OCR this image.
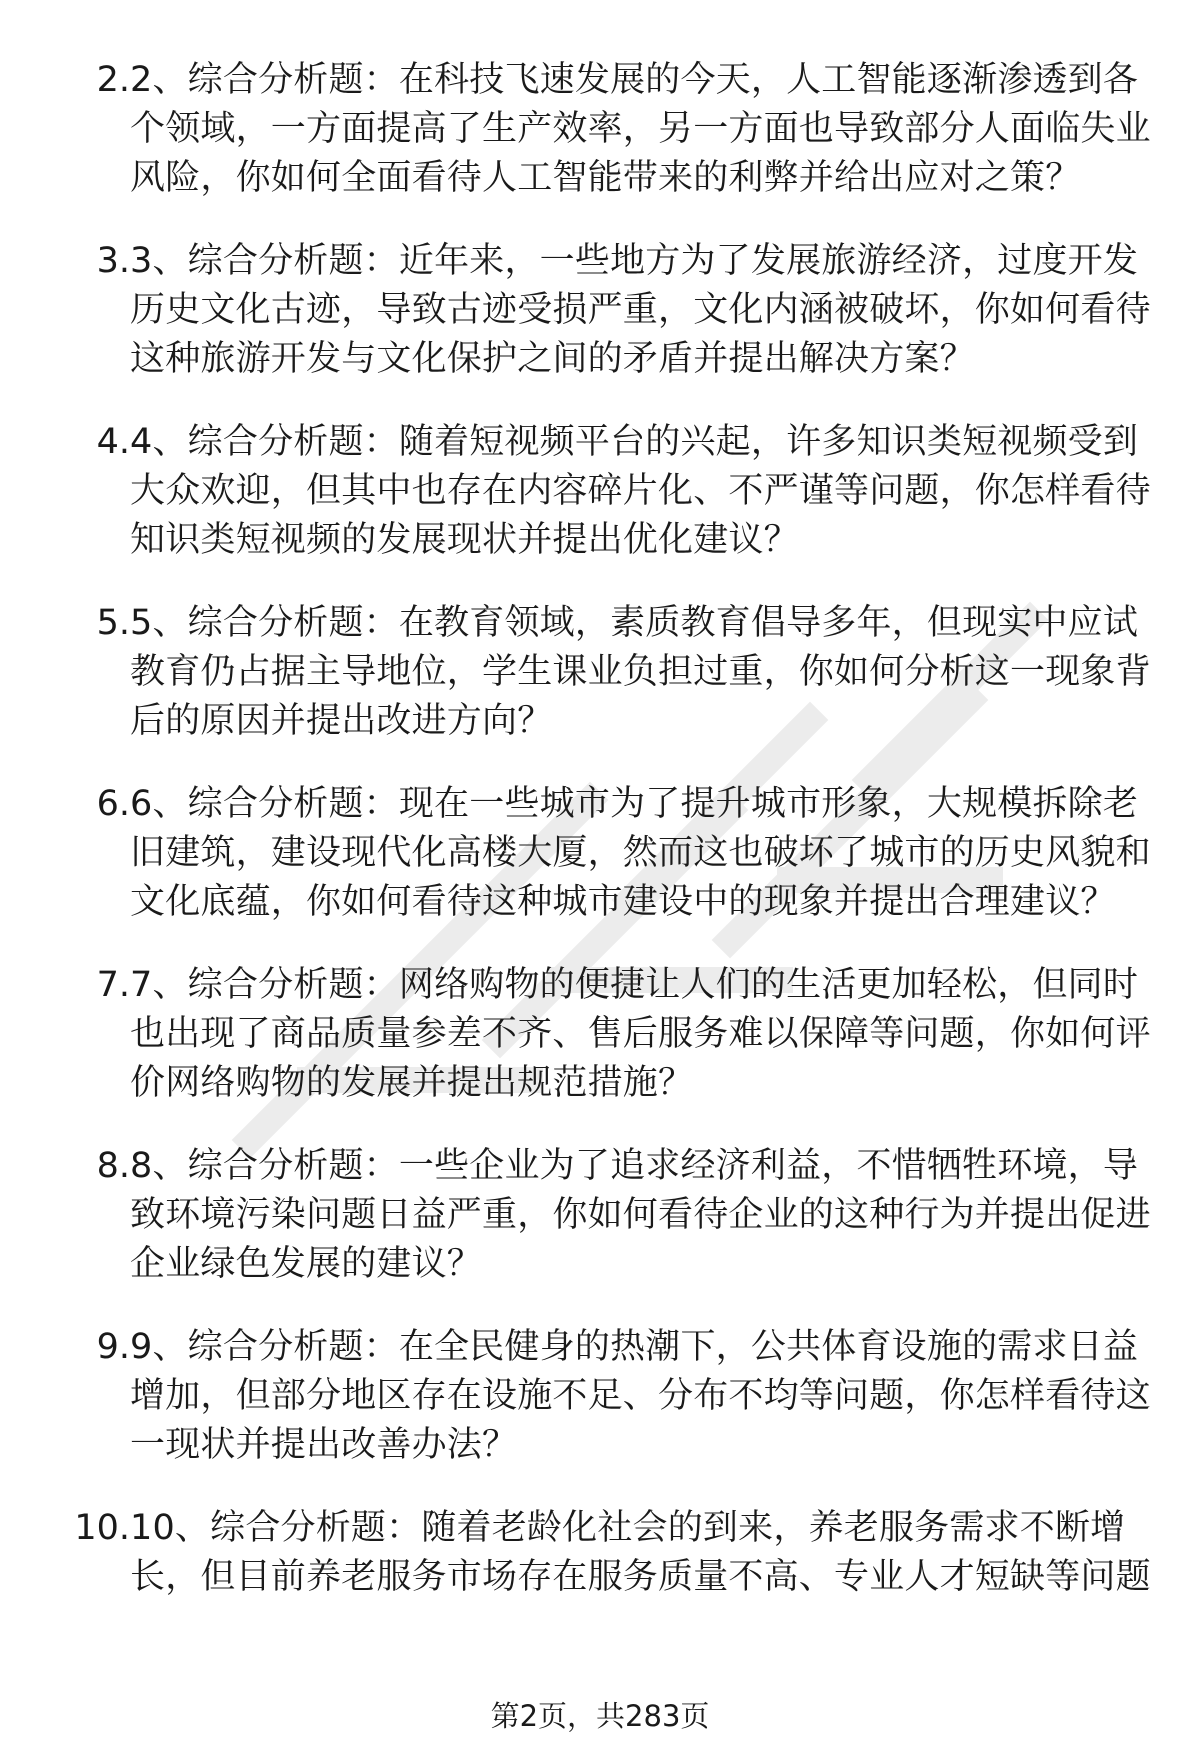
2. 2、综合分析题：在科技飞速发展的今天，人工智能逐渐渗透到各个领域，一方面提高了生产效率，另一方面也导致部分人面临失业风险，你如何全面看待人工智能带来的利弊并给出应对之策？
3. 3、综合分析题：近年来，一些地方为了发展旅游经济，过度开发历史文化古迹，导致古迹受损严重，文化内涵被破坏，你如何看待这种旅游开发与文化保护之间的矛盾并提出解决方案？
4. 4、综合分析题：随着短视频平台的兴起，许多知识类短视频受到大众欢迎，但其中也存在内容碎片化、不严谨等问题，你怎样看待知识类短视频的发展现状并提出优化建议？
5. 5、综合分析题：在教育领域，素质教育倡导多年，但现实中应试教育仍占据主导地位，学生课业负担过重，你如何分析这一现象背后的原因并提出改进方向？
6. 6、综合分析题：现在一些城市为了提升城市形象，大规模拆除老旧建筑，建设现代化高楼大厦，然而这也破坏了城市的历史风貌和文化底蕴，你如何看待这种城市建设中的现象并提出合理建议？
7. 7、综合分析题：网络购物的便捷让人们的生活更加轻松，但同时也出现了商品质量参差不齐、售后服务难以保障等问题，你如何评价网络购物的发展并提出规范措施？
8. 8、综合分析题：一些企业为了追求经济利益，不惜牺牲环境，导致环境污染问题日益严重，你如何看待企业的这种行为并提出促进企业绿色发展的建议？
9. 9、综合分析题：在全民健身的热潮下，公共体育设施的需求日益增加，但部分地区存在设施不足、分布不均等问题，你怎样看待这一现状并提出改善办法？
10. 10、综合分析题：随着老龄化社会的到来，养老服务需求不断增长，但目前养老服务市场存在服务质量不高、专业人才短缺等问题
第2页，共283页
